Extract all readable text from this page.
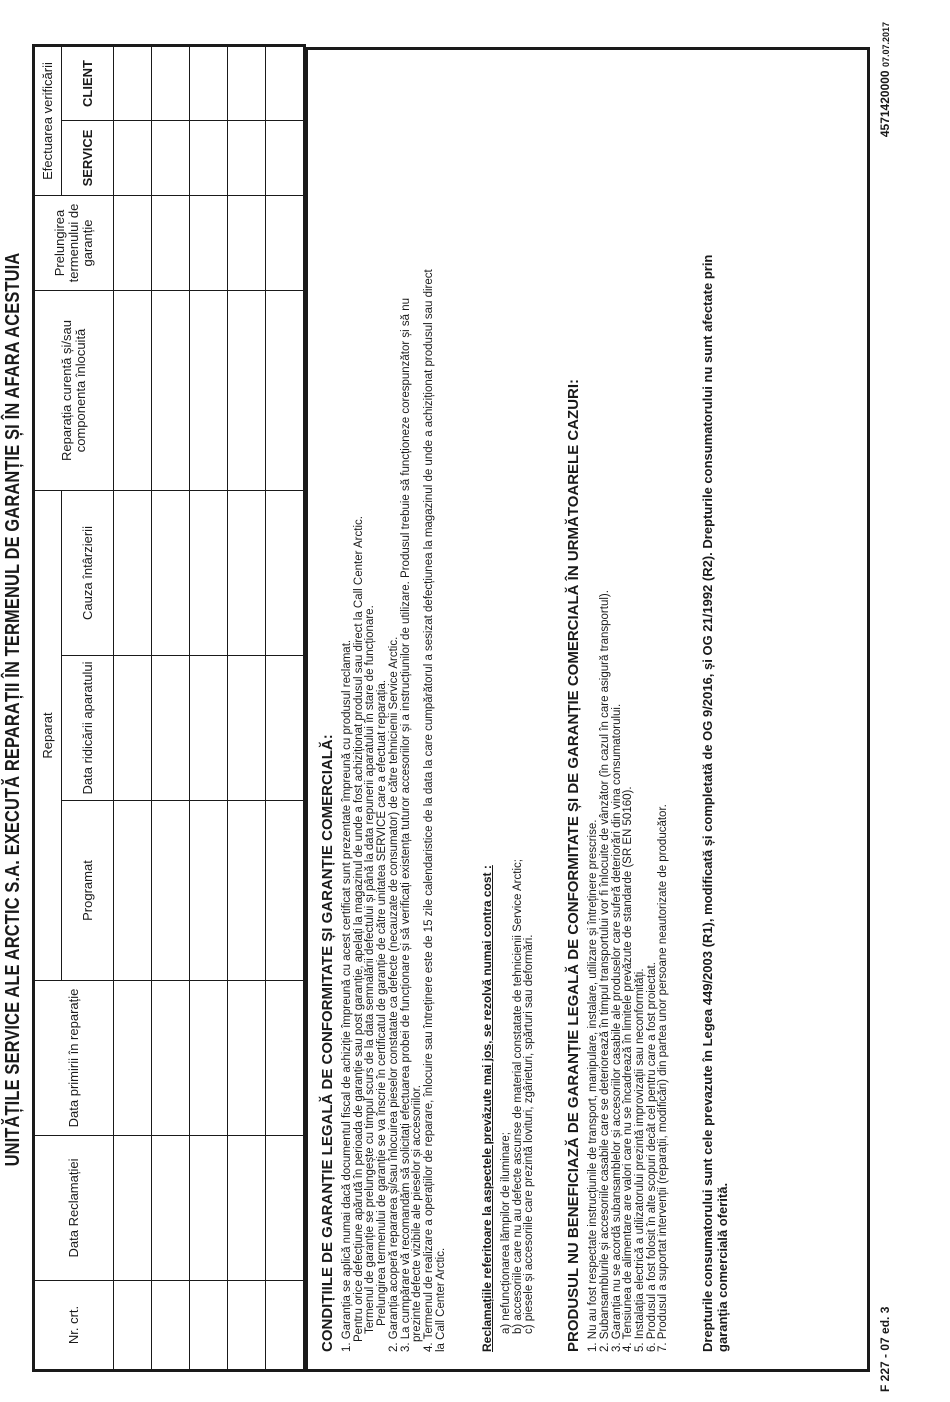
UNITĂȚILE SERVICE ALE ARCTIC S.A. EXECUTĂ REPARAȚII ÎN TERMENUL DE GARANȚIE ȘI ÎN AFARA ACESTUIA
Nr. crt.	Data Reclamației	Data primirii în reparație	Reparat			Reparația curentă și/sau componenta înlocuită	Prelungirea termenului de garanție	Efectuarea verificării	
			Programat	Data ridicării aparatului	Cauza întârzierii			SERVICE	CLIENT

CONDIȚIILE DE GARANȚIE LEGALĂ DE CONFORMITATE ȘI GARANȚIE COMERCIALĂ: 1. Garanția se aplică numai dacă documentul fiscal de achiziție împreună cu acest certificat sunt prezentate împreună cu produsul reclamat. Pentru orice defecțiune apărută în perioada de garanție sau post garanție, apelați la magazinul de unde a fost achiziționat produsul sau direct la Call Center Arctic. Termenul de garanție se prelungește cu timpul scurs de la data semnalării defectului și până la data repunerii aparatului în stare de funcționare. Prelungirea termenului de garanție se va înscrie în certificatul de garanție de către unitatea SERVICE care a efectuat reparația. 2. Garanția acoperă repararea și/sau înlocuirea pieselor constatate ca defecte (necauzate de consumator) de către tehnicienii Service Arctic. 3. La cumpărare vă recomandăm să solicitați efectuarea probei de funcționare și să verificați existența tuturor accesoriilor și a instrucțiunilor de utilizare. Produsul trebuie să funcționeze corespunzător și să nu prezinte defecte vizibile ale pieselor și accesoriilor. 4. Termenul de realizare a operațiilor de reparare, înlocuire sau întreținere este de 15 zile calendaristice de la data la care cumpărătorul a sesizat defecțiunea la magazinul de unde a achiziționat produsul sau direct la Call Center Arctic.	Reclamațiile referitoare la aspectele prevăzute mai jos, se rezolvă numai contra cost : a) nefuncționarea lămpilor de iluminare; b) accesoriile care nu au defecte ascunse de material constatate de tehnicienii Service Arctic; c) piesele și accesoriile care prezintă lovituri, zgârieturi, spărturi sau deformări. PRODUSUL NU BENEFICIAZĂ DE GARANȚIE LEGALĂ DE CONFORMITATE ȘI DE GARANȚIE COMERCIALĂ ÎN URMĂTOARELE CAZURI: 1. Nu au fost respectate instrucțiunile de transport, manipulare, instalare, utilizare și întreținere prescrise. 2. Subansamblurile și accesoriile casabile care se deteriorează în timpul transportului vor fi înlocuite de vânzător (în cazul în care asigură transportul). 3. Garanția nu se acordă subansamblelor și accesoriilor casabile ale produselor care suferă deteriorări din vina consumatorului. 4. Tensiunea de alimentare are valori care nu se încadrează în limitele prevăzute de standarde (SR EN 50160). 5. Instalația electrică a utilizatorului prezintă improvizații sau neconformități. 6. Produsul a fost folosit în alte scopuri decât cel pentru care a fost proiectat. 7. Produsul a suportat intervenții (reparații, modificări) din partea unor persoane neautorizate de producător. Drepturile consumatorului sunt cele prevazute în Legea 449/2003 (R1), modificată și completată de OG 9/2016, și OG 21/1992 (R2). Drepturile consumatorului nu sunt afectate prin garanția comercială oferită.	F 227 - 07 ed. 3
4571420000 07.07.2017
